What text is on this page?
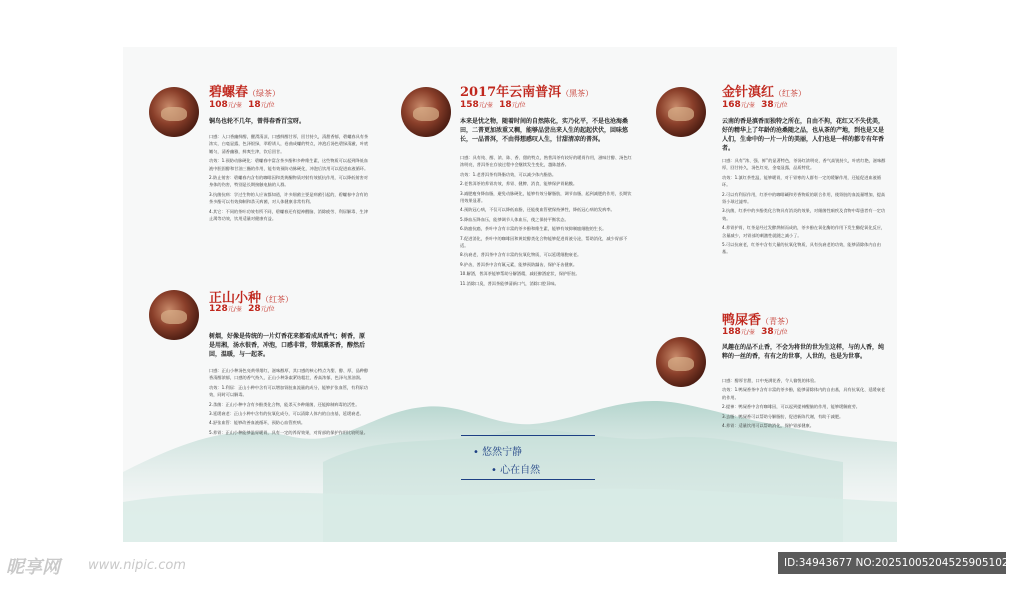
碧螺春（绿茶）
108元/壶 18元/位
铜鸟也轮不几年，曾得春香百宝呀。

口感：入口香幽鲜醇，醒滑清凉，口感鲜醇甘厚，回甘持久，清甜香郁，碧螺春具有茶浓实，白毫显露，色泽银绿，翠碧诱人，卷曲成螺的特点，冲泡后汤色碧绿清澈，叶底嫩匀，清香幽雅，鲜爽生津，饮后回甘。

功效：1.预防动脉硬化：碧螺春中富含茶多酚和多种维生素，这些物质可以起到降低血液中胆固醇和甘油三酯的作用，能有效预防动脉硬化，冲泡后饮用可以促进血液循环。

2.防止射害：碧螺春内含有的咖啡因和类黄酮物质对射有效抵抗作用，可以降低射害对身体的伤害，特别是长期接触电脑的人群。

3.抗菌抗病：学过生物的人应该都知道，许多细菌主要是病菌引起的，碧螺春中含有的茶多酚可以有效抑制和杀灭病菌，对人体健康非常有利。

4.其它：不同的茶叶功效有所不同，碧螺春还有提神醒脑、消除疲劳、利尿解毒、生津止渴等功效，饮用适量对健康有益。

正山小种（红茶）
128元/壶 28元/位
树烟，好像是传统的一片灯香花来都看成凤香气；树香，原是用湘，汤水很香，冲泡，口感非常，带烟熏茶香，醇然后回，温暖，与一起茶。

口感：正山小种汤色亮黄带烟红，滋味醇厚，其口感的核心特点为甜、醇、厚，品种醇香清醇浓郁，口感的香气持久，正山小种条索紧结粗壮，香高浓郁，色泽乌黑油润。

功效：1.利尿：正山小种中含有可以增加肾脏血流量的成分，能够扩张血管，有利尿功效，同时可以解毒。

2.杀菌：正山小种中含有多酚类化合物，能杀灭多种细菌，还能抑制病毒的活性。

3.延缓衰老：正山小种中含有的抗氧化成分，可以清除人体内的自由基，延缓衰老。

4.舒张血管：能够改善血液循环，预防心血管疾病。

5.养胃：正山小种能够温胃暖胃，具有一定的养胃效果，对胃部的保护作用比较明显。

2017年云南普洱（黑茶）
158元/壶 18元/位
本来是忧之物，随着时间的自然陈化，实乃化平，不是也沧海桑田，二普更加浓重又稠，能够品尝出来人生的起起伏伏，回味悠长，一品普洱，不由得想感叹人生，甘甜清凉的普洱。

口感：具有纯、醇、浓、陈、香、甜的特点，熟普洱茶有较好的暖胃作用，滋味甘醇、汤色红浓明亮，普洱茶在存放过程中会继续发生变化，越陈越香。

功效：1.老普洱茶有降脂功效，可以减少体内脂肪。

2.老普洱茶的养胃功效，养胃、健脾、消食，能够保护胃黏膜。

3.减肥瘦身降血脂，避免动脉硬化，能够有效分解脂肪，调节血脂，起到减肥的作用，长期饮用效果显著。

4.预防冠心病，不仅可以降低血脂，还能使血管壁保持弹性，降低冠心病的发病率。

5.降血压降血压，能够调节人体血压，使之保持平衡状态。

6.防癌抗癌，茶叶中含有丰富的茶多酚和维生素，能够有效抑制癌细胞的生长。

7.促进消化，茶叶中的咖啡因和黄烷醇类化合物能够促进胃液分泌，帮助消化，减少胃部不适。

8.抗衰老，普洱茶中含有丰富的抗氧化物质，可以延缓细胞衰老。

9.护齿，普洱茶中含有氟元素，能够预防龋齿，保护牙齿健康。

10.解酒，普洱茶能够帮助分解酒精，减轻醉酒症状，保护肝脏。

11.消除口臭，普洱茶能够清新口气，消除口腔异味。

• 悠然宁静
• 心在自然
金针滇红（红茶）
168元/壶 38元/位
云南的香是滇香而独特之所在，自由不拘，花红又不失优美，好的精华上了年龄的沧桑随之品，也从茶的产地，到也是又是人们，生命中的一片一片的美丽，人们也是一样的都专有年香者。

口感：具有“浓、强、鲜”的显著特色，茶汤红浓明亮，香气高锐持久，叶底红艳，滋味醇厚，回甘持久，汤色红亮，金毫显露，品质特优。

功效：1.滇红茶性温，能够暖胃，对于胃寒的人群有一定的缓解作用，还能促进血液循环。

2.可以有利尿作用，红茶中的咖啡碱和芳香物质的联合作用，使肾脏的血流量增加，提高肾小球过滤率。

3.抗菌，红茶中的多酚类化合物具有消炎的效果，对细菌性痢疾及食物中毒患者有一定功效。

4.养胃护胃，红茶是经过发酵烘制而成的，茶多酚在氧化酶的作用下发生酶促氧化反应，含量减少，对胃部的刺激性就随之减小了。

5.可以抗衰老，红茶中含有大量的抗氧化物质，具有抗衰老的功效，能够清除体内自由基。

鸭屎香（青茶）
188元/壶 38元/位
风趣在的品不止香，不会为将世的世为生这样，与的人香，纯粹的一丝的香，有有之的世事，人世的，也是为世事。

口感：醇厚甘甜，口中充满花香，令人愉悦的体验。

功效：1.鸭屎香茶中含有丰富的茶多酚，能够清除体内的自由基，具有抗氧化、延缓衰老的作用。

2.提神：鸭屎香中含有咖啡因，可以起到提神醒脑的作用，能够缓解疲劳。

3.去脂：鸭屎香可以帮助分解脂肪，促进新陈代谢，有助于减肥。

4.养胃：适量饮用可以帮助消化，保护胃部健康。

昵享网 www.nipic.com	ID:34943677 NO:20251005204525905102
